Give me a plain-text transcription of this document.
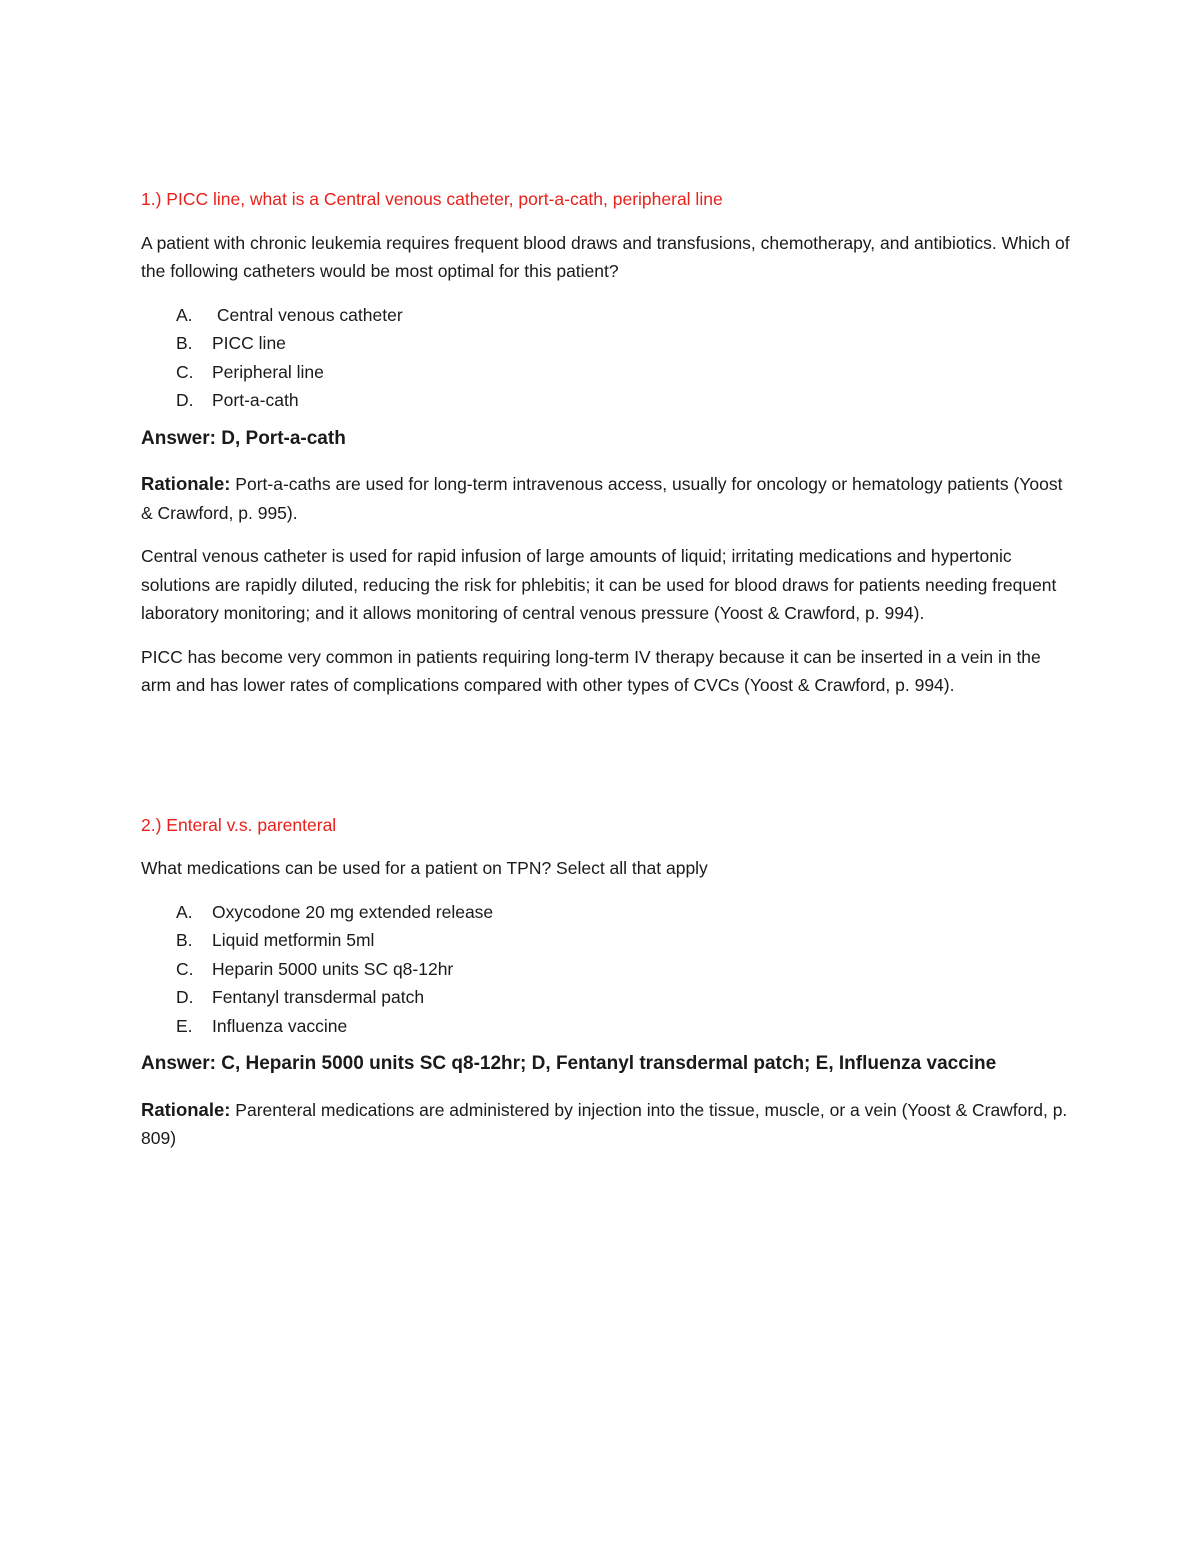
1.) PICC line, what is a Central venous catheter, port-a-cath, peripheral line

A patient with chronic leukemia requires frequent blood draws and transfusions, chemotherapy, and antibiotics. Which of the following catheters would be most optimal for this patient?

A.	Central venous catheter
B.	PICC line
C.	Peripheral line
D.	Port-a-cath

Answer: D, Port-a-cath

Rationale: Port-a-caths are used for long-term intravenous access, usually for oncology or hematology patients (Yoost & Crawford, p. 995).

Central venous catheter is used for rapid infusion of large amounts of liquid; irritating medications and hypertonic solutions are rapidly diluted, reducing the risk for phlebitis; it can be used for blood draws for patients needing frequent laboratory monitoring; and it allows monitoring of central venous pressure (Yoost & Crawford, p. 994).

PICC has become very common in patients requiring long-term IV therapy because it can be inserted in a vein in the arm and has lower rates of complications compared with other types of CVCs (Yoost & Crawford, p. 994).

2.) Enteral v.s. parenteral

What medications can be used for a patient on TPN? Select all that apply

A.	Oxycodone 20 mg extended release
B.	Liquid metformin 5ml
C.	Heparin 5000 units SC q8-12hr
D.	Fentanyl transdermal patch
E.	Influenza vaccine

Answer: C, Heparin 5000 units SC q8-12hr; D, Fentanyl transdermal patch; E, Influenza vaccine

Rationale: Parenteral medications are administered by injection into the tissue, muscle, or a vein (Yoost & Crawford, p. 809)
